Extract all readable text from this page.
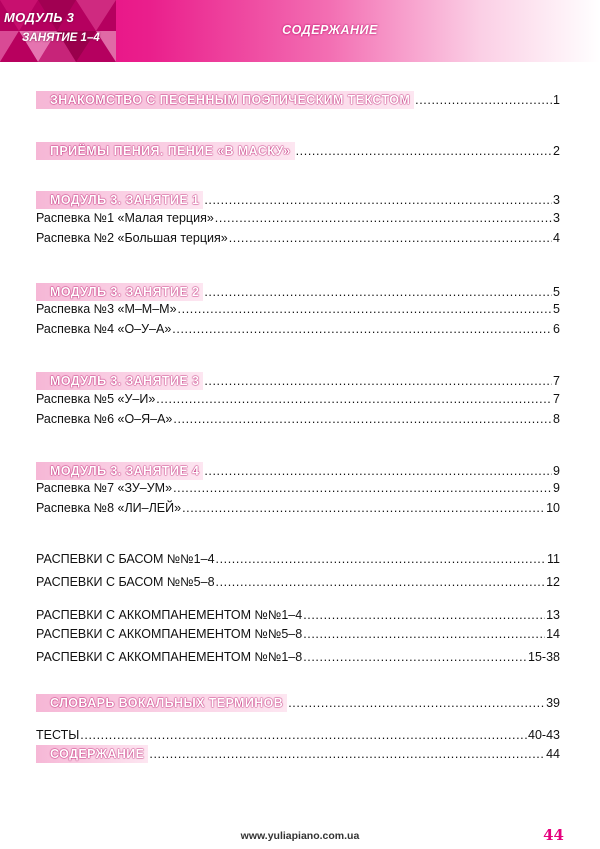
МОДУЛЬ 3
ЗАНЯТИЕ 1–4
СОДЕРЖАНИЕ
ЗНАКОМСТВО С ПЕСЕННЫМ ПОЭТИЧЕСКИМ ТЕКСТОМ .....	1
ПРИЁМЫ ПЕНИЯ. ПЕНИЕ «В МАСКУ» .....	2
МОДУЛЬ 3. ЗАНЯТИЕ 1 .....	3
Распевка №1 «Малая терция» .....	3
Распевка №2 «Большая терция» .....	4
МОДУЛЬ 3. ЗАНЯТИЕ 2 .....	5
Распевка №3 «М–М–М» .....	5
Распевка №4 «О–У–А» .....	6
МОДУЛЬ 3. ЗАНЯТИЕ 3 .....	7
Распевка №5 «У–И» .....	7
Распевка №6 «О–Я–А» .....	8
МОДУЛЬ 3. ЗАНЯТИЕ 4 .....	9
Распевка №7 «ЗУ–УМ» .....	9
Распевка №8 «ЛИ–ЛЕЙ» .....	10
РАСПЕВКИ С БАСОМ №№1–4 .....	11
РАСПЕВКИ С БАСОМ №№5–8 .....	12
РАСПЕВКИ С АККОМПАНЕМЕНТОМ №№1–4 .....	13
РАСПЕВКИ С АККОМПАНЕМЕНТОМ №№5–8 .....	14
РАСПЕВКИ С АККОМПАНЕМЕНТОМ №№1–8 .....	15-38
СЛОВАРЬ ВОКАЛЬНЫХ ТЕРМИНОВ .....	39
ТЕСТЫ .....	40-43
СОДЕРЖАНИЕ .....	44
www.yuliapiano.com.ua	44
